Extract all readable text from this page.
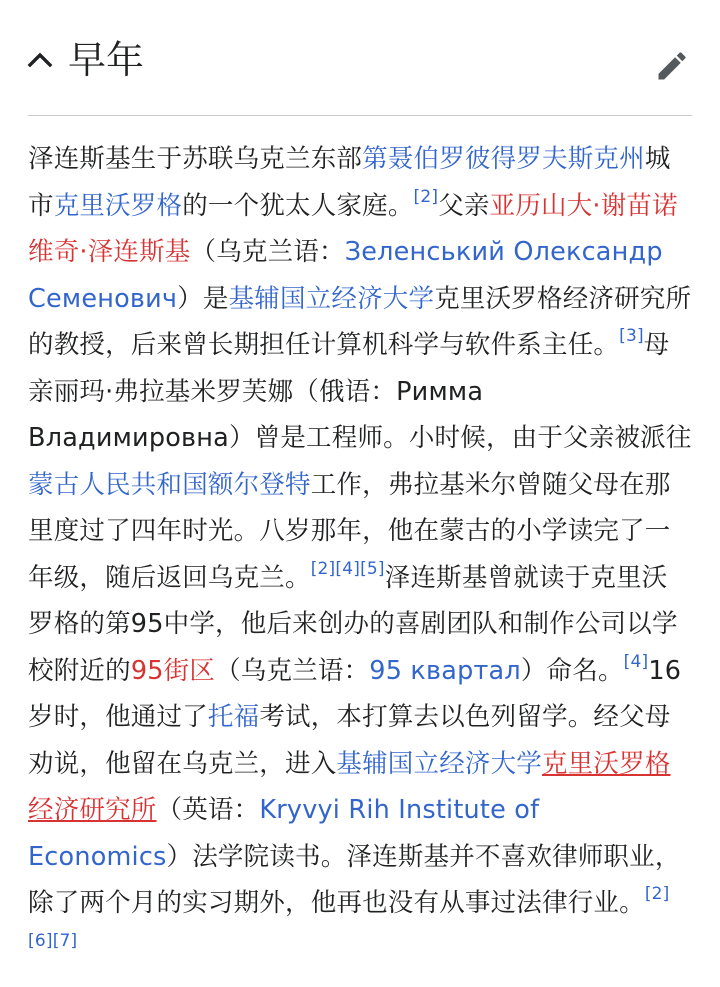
早年

泽连斯基生于苏联乌克兰东部第聂伯罗彼得罗夫斯克州城市克里沃罗格的一个犹太人家庭。[2]父亲亚历山大·谢苗诺维奇·泽连斯基（乌克兰语：Зеленський Олександр Семенович）是基辅国立经济大学克里沃罗格经济研究所的教授，后来曾长期担任计算机科学与软件系主任。[3]母亲丽玛·弗拉基米罗芙娜（俄语：Римма Владимировна）曾是工程师。小时候，由于父亲被派往蒙古人民共和国额尔登特工作，弗拉基米尔曾随父母在那里度过了四年时光。八岁那年，他在蒙古的小学读完了一年级，随后返回乌克兰。[2][4][5]泽连斯基曾就读于克里沃罗格的第95中学，他后来创办的喜剧团队和制作公司以学校附近的95街区（乌克兰语：95 квартал）命名。[4]16岁时，他通过了托福考试，本打算去以色列留学。经父母劝说，他留在乌克兰，进入基辅国立经济大学克里沃罗格经济研究所（英语：Kryvyi Rih Institute of Economics）法学院读书。泽连斯基并不喜欢律师职业，除了两个月的实习期外，他再也没有从事过法律行业。[2][6][7]
